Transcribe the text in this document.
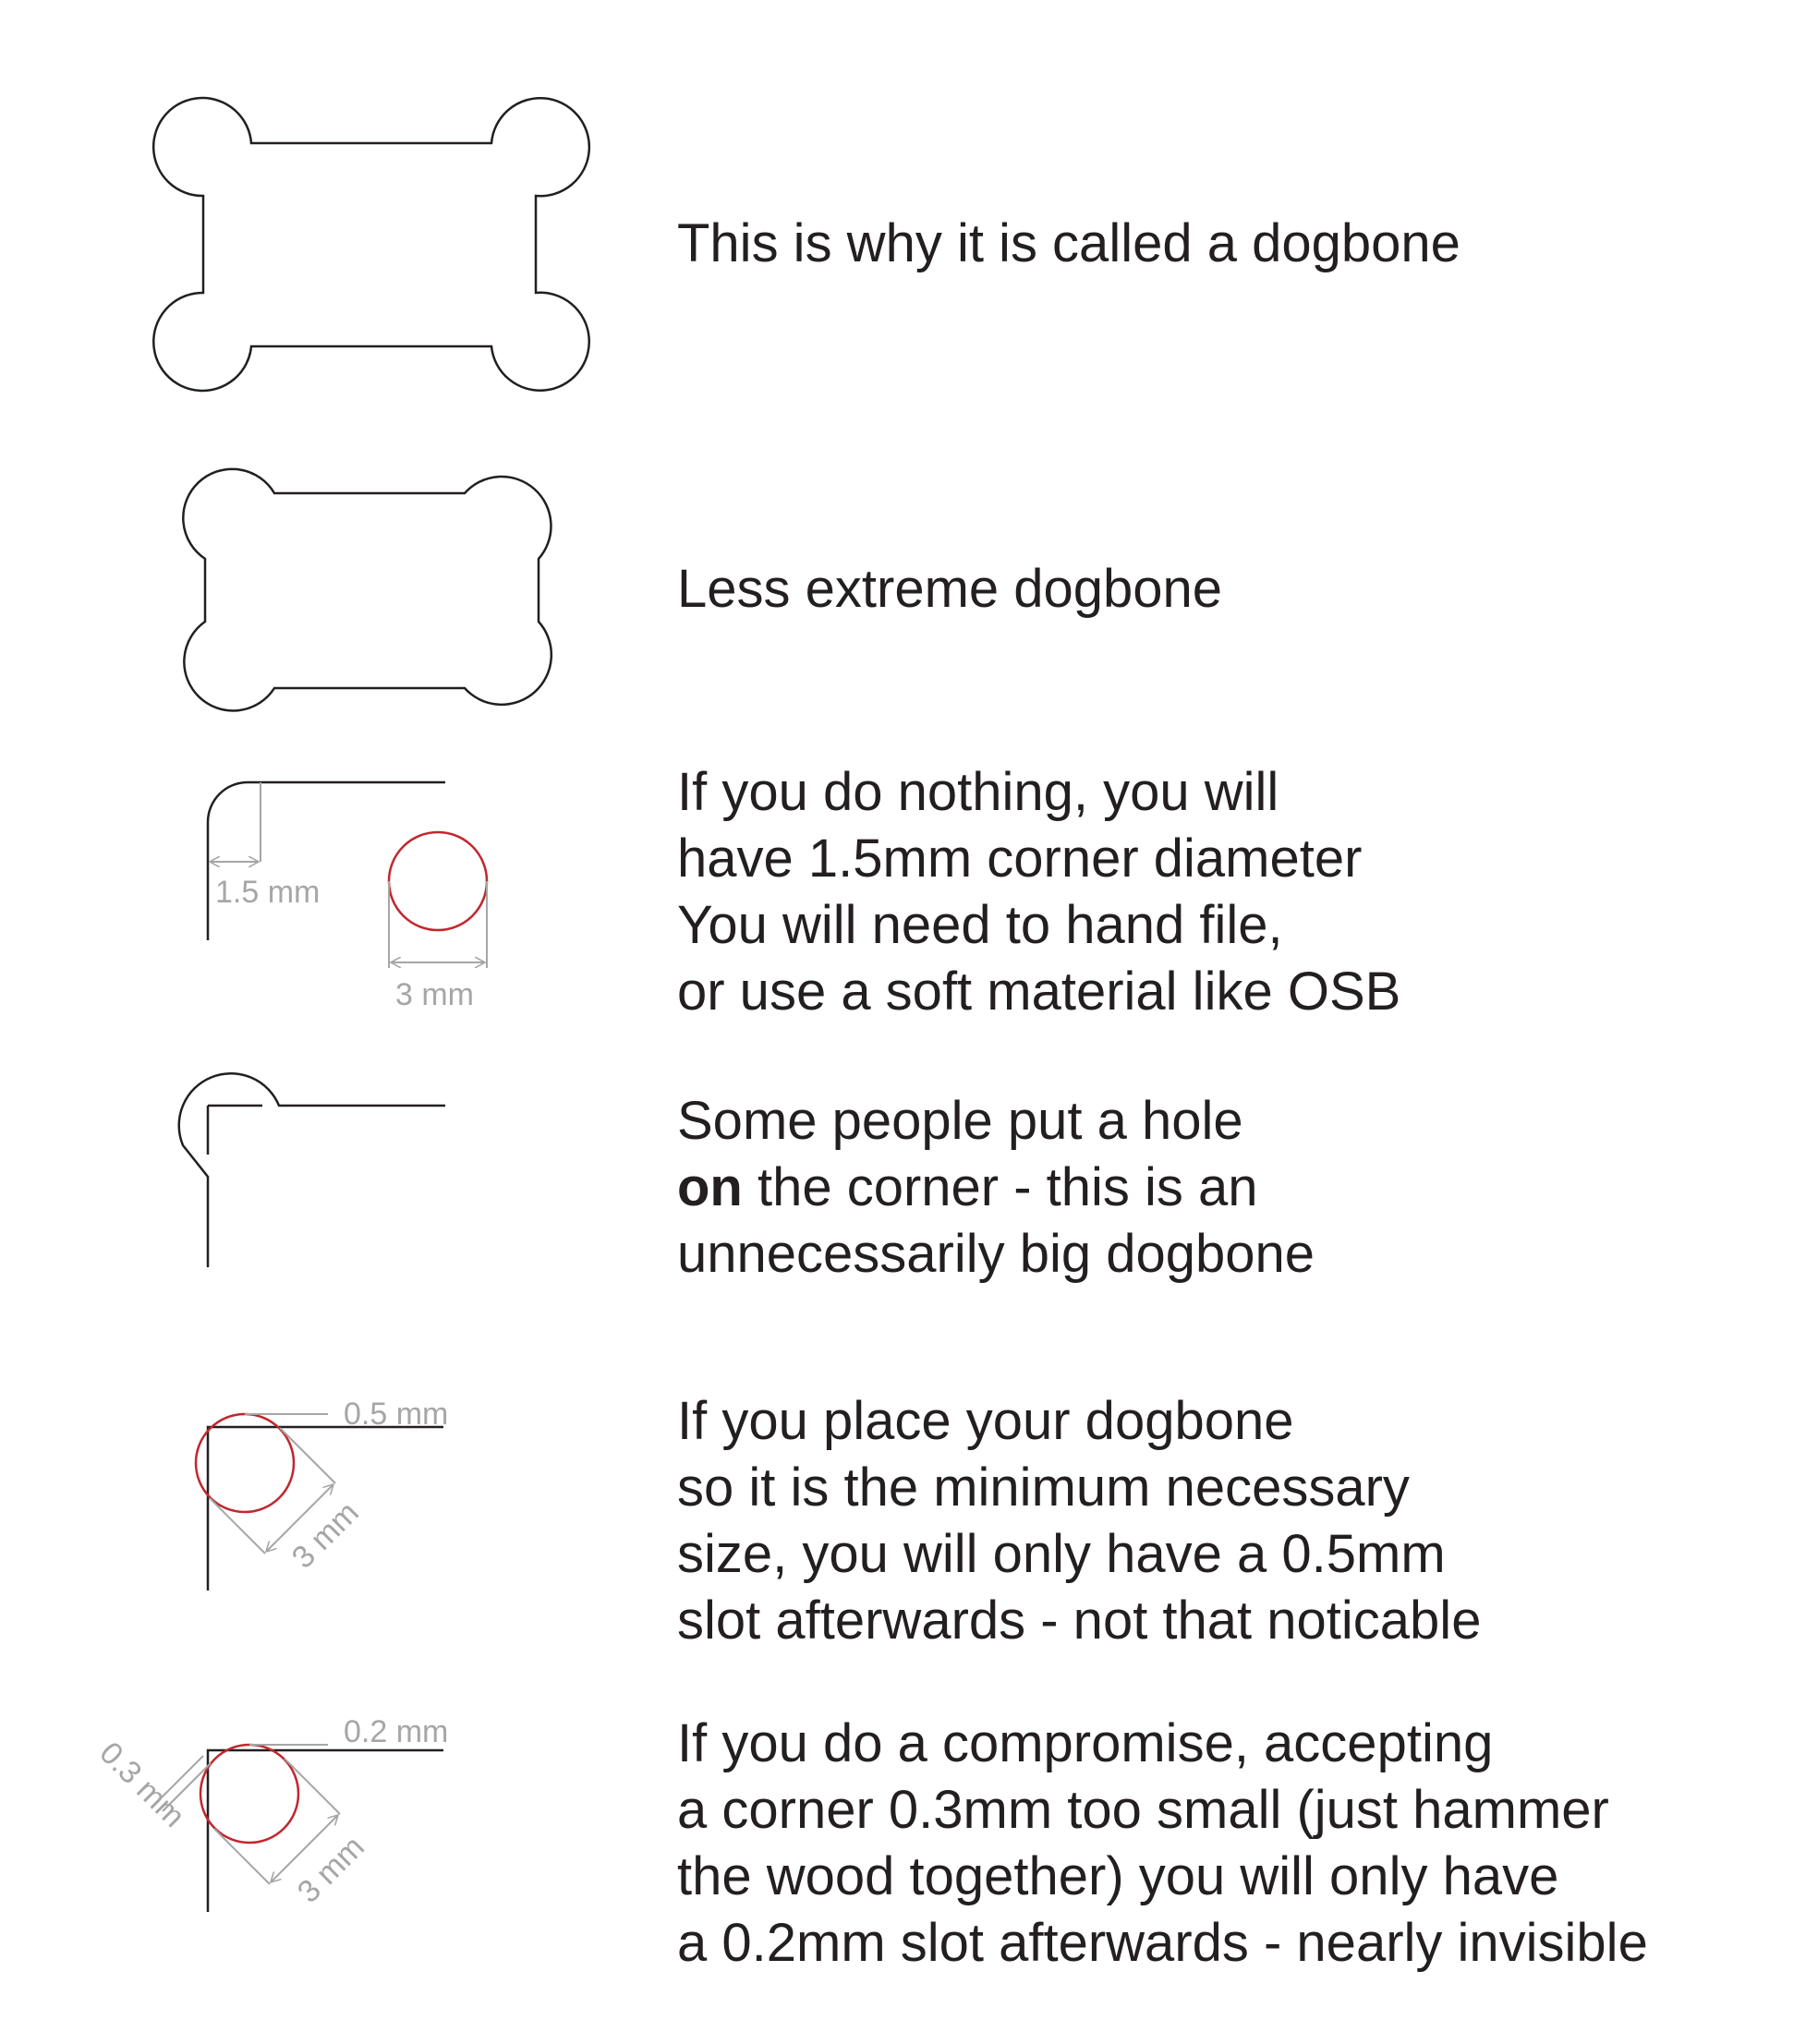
1.5 mm
3 mm
0.5 mm
3 mm
0.2 mm
0.3 mm
3 mm
This is why it is called a dogbone
Less extreme dogbone
If you do nothing, you will
have 1.5mm corner diameter
You will need to hand file,
or use a soft material like OSB
Some people put a hole
on the corner - this is an
unnecessarily big dogbone
If you place your dogbone
so it is the minimum necessary
size, you will only have a 0.5mm
slot afterwards - not that noticable
If you do a compromise, accepting
a corner 0.3mm too small (just hammer
the wood together) you will only have
a 0.2mm slot afterwards - nearly invisible
